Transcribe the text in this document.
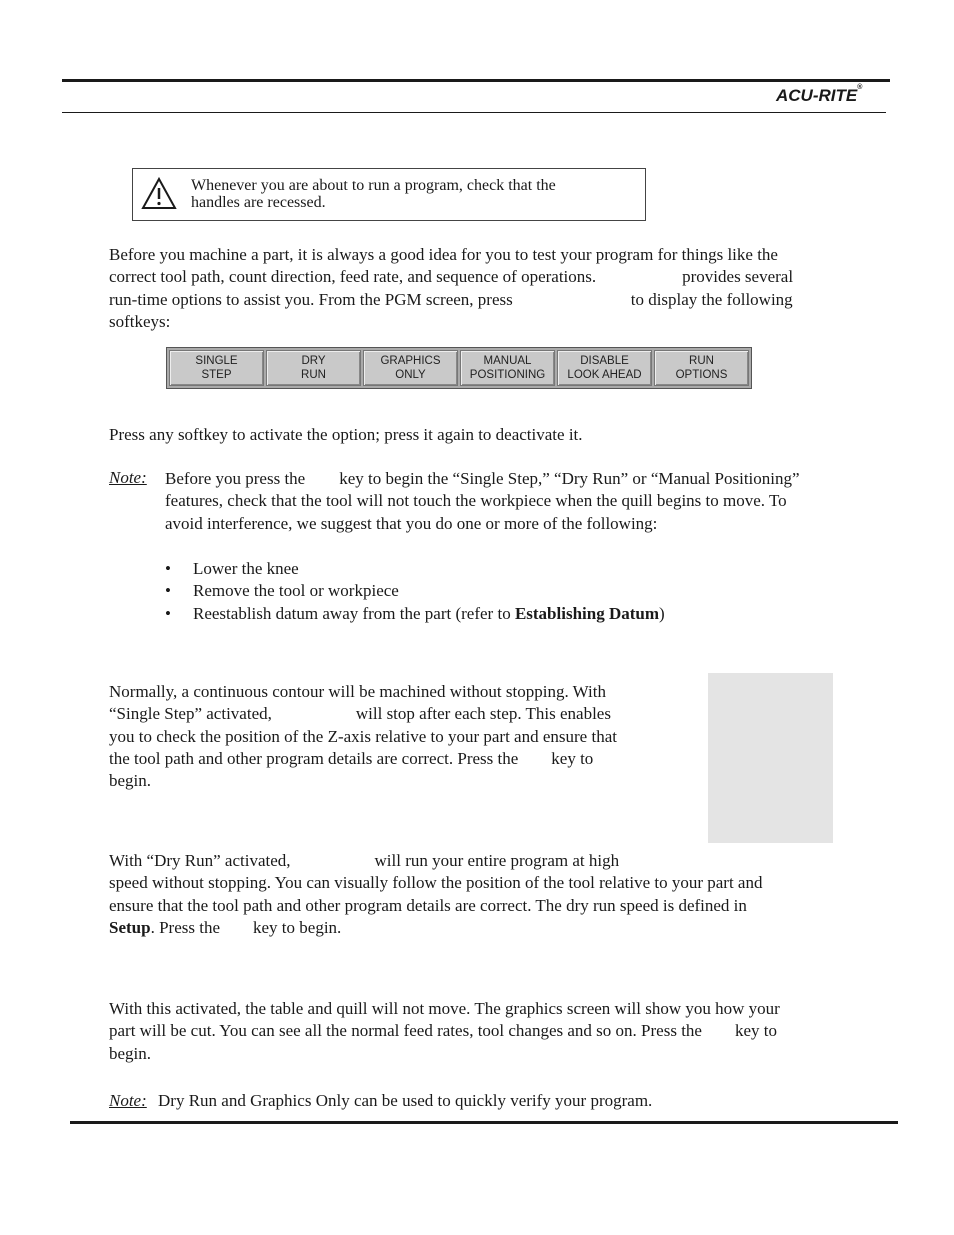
ACU-RITE®
Whenever you are about to run a program, check that the
handles are recessed.
Before you machine a part, it is always a good idea for you to test your program for things like the
correct tool path, count direction, feed rate, and sequence of operations.	provides several
run-time options to assist you. From the PGM screen, press	to display the following
softkeys:
SINGLE
STEP
DRY
RUN
GRAPHICS
ONLY
MANUAL
POSITIONING
DISABLE
LOOK AHEAD
RUN
OPTIONS
Press any softkey to activate the option; press it again to deactivate it.
Note: Before you press the key to begin the “Single Step,” “Dry Run” or “Manual Positioning”
features, check that the tool will not touch the workpiece when the quill begins to move. To
avoid interference, we suggest that you do one or more of the following:
•	Lower the knee
•	Remove the tool or workpiece
•	Reestablish datum away from the part (refer to Establishing Datum)
Normally, a continuous contour will be machined without stopping. With
“Single Step” activated,	will stop after each step. This enables
you to check the position of the Z-axis relative to your part and ensure that
the tool path and other program details are correct. Press the key to
begin.
With “Dry Run” activated,	will run your entire program at high
speed without stopping. You can visually follow the position of the tool relative to your part and
ensure that the tool path and other program details are correct. The dry run speed is defined in
Setup. Press the key to begin.
With this activated, the table and quill will not move. The graphics screen will show you how your
part will be cut. You can see all the normal feed rates, tool changes and so on. Press the key to
begin.
Note: Dry Run and Graphics Only can be used to quickly verify your program.
